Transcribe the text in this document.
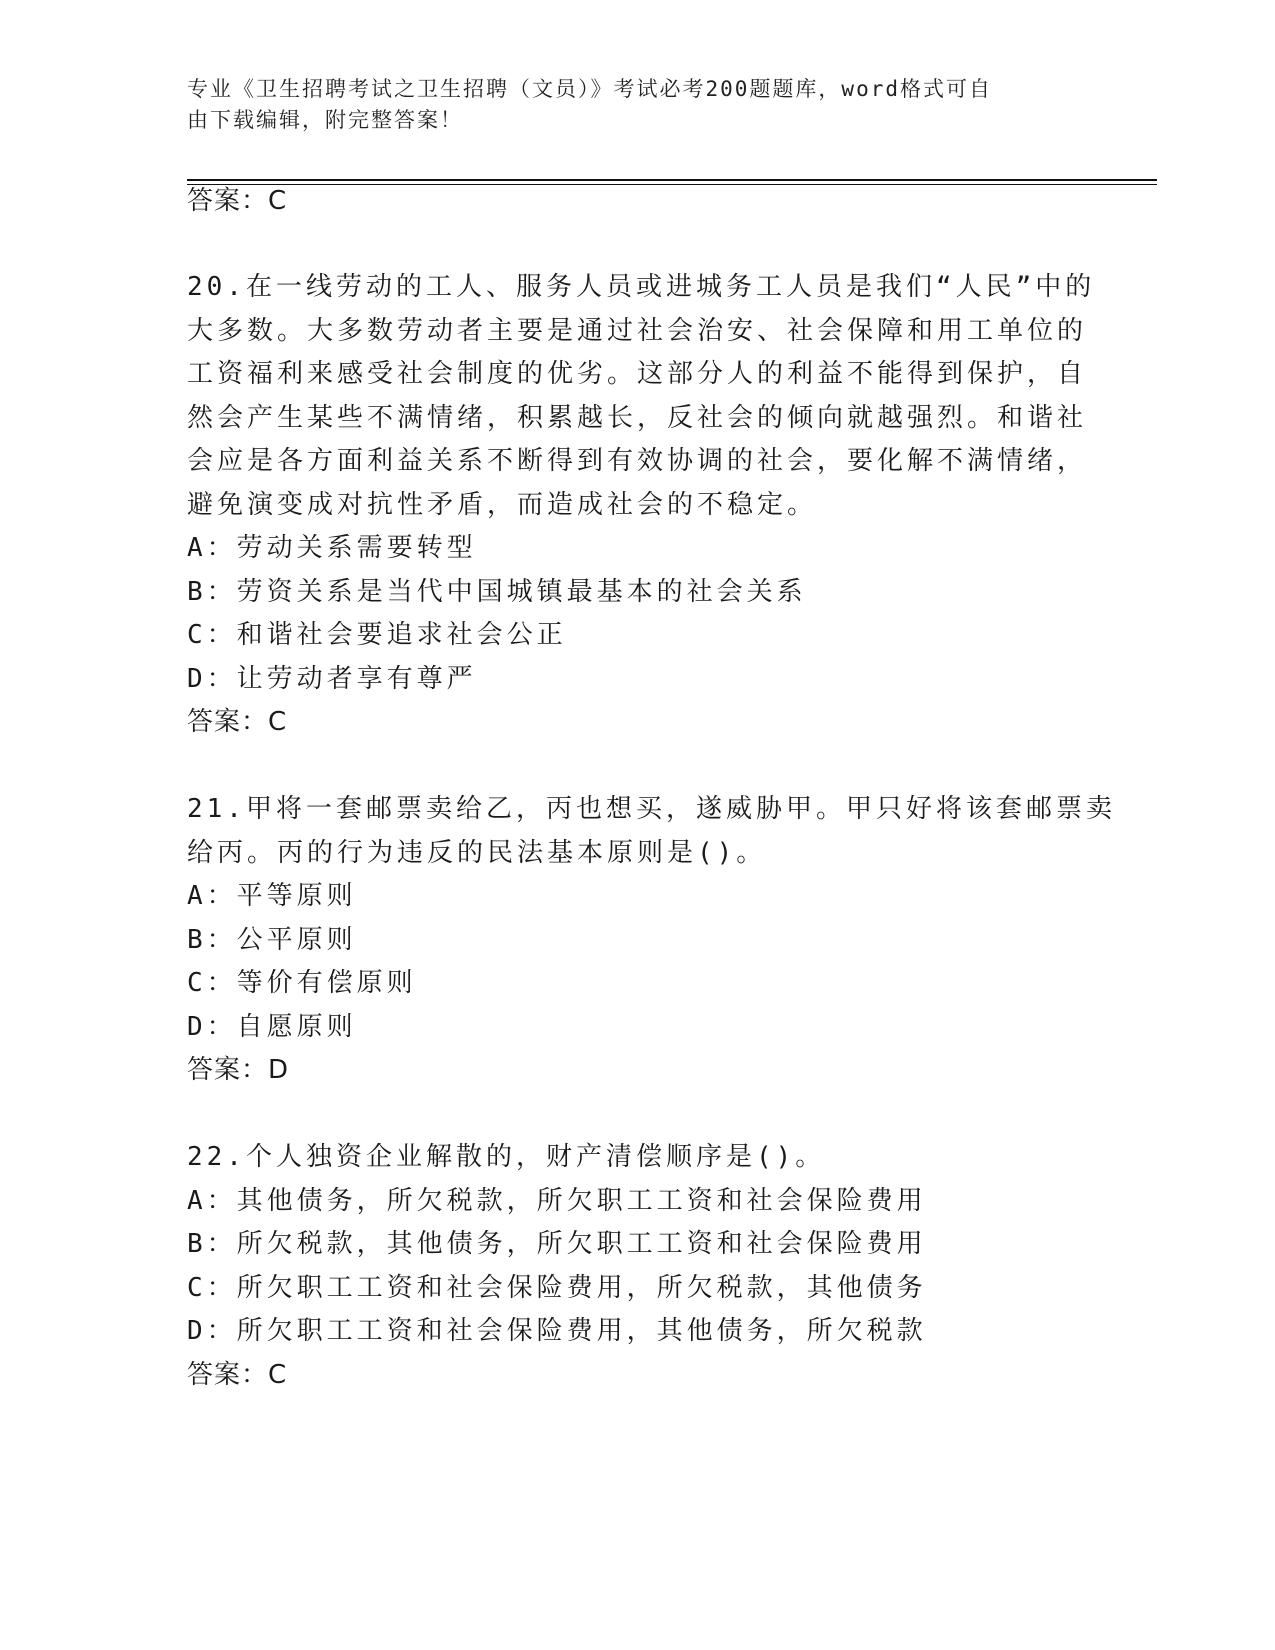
专业《卫生招聘考试之卫生招聘（文员）》考试必考200题题库，word格式可自
由下载编辑，附完整答案！
答案：C
20.在一线劳动的工人、服务人员或进城务工人员是我们“人民”中的
大多数。大多数劳动者主要是通过社会治安、社会保障和用工单位的
工资福利来感受社会制度的优劣。这部分人的利益不能得到保护，自
然会产生某些不满情绪，积累越长，反社会的倾向就越强烈。和谐社
会应是各方面利益关系不断得到有效协调的社会，要化解不满情绪，
避免演变成对抗性矛盾，而造成社会的不稳定。
A：劳动关系需要转型
B：劳资关系是当代中国城镇最基本的社会关系
C：和谐社会要追求社会公正
D：让劳动者享有尊严
答案：C
21.甲将一套邮票卖给乙，丙也想买，遂威胁甲。甲只好将该套邮票卖
给丙。丙的行为违反的民法基本原则是()。
A：平等原则
B：公平原则
C：等价有偿原则
D：自愿原则
答案：D
22.个人独资企业解散的，财产清偿顺序是()。
A：其他债务，所欠税款，所欠职工工资和社会保险费用
B：所欠税款，其他债务，所欠职工工资和社会保险费用
C：所欠职工工资和社会保险费用，所欠税款，其他债务
D：所欠职工工资和社会保险费用，其他债务，所欠税款
答案：C
